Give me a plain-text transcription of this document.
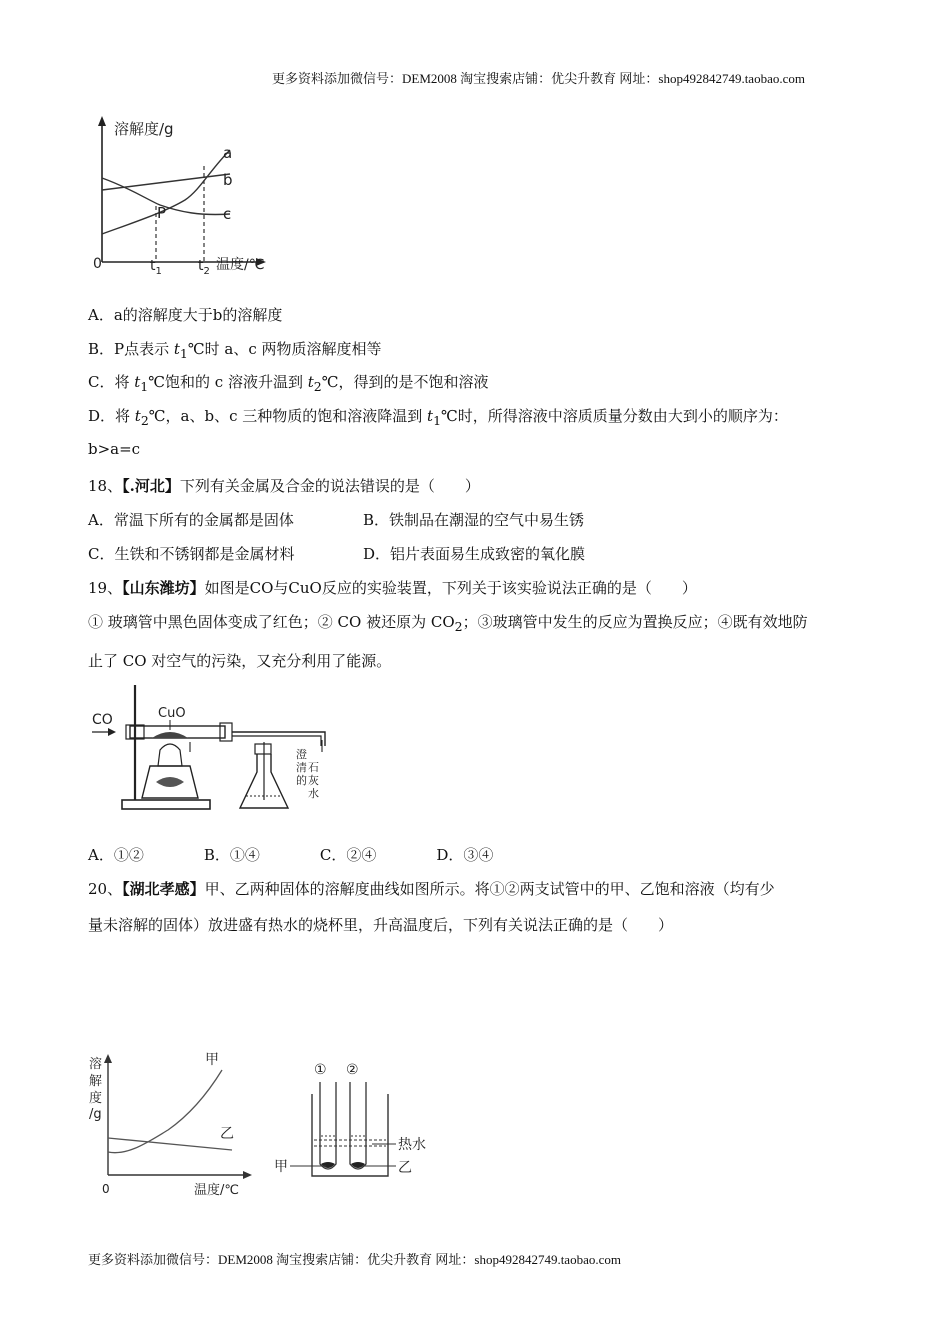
更多资料添加微信号：DEM2008 淘宝搜索店铺：优尖升教育 网址：shop492842749.taobao.com
溶解度/g
a
b
c
P
0	$t_1$	$t_2$ 温度/℃
A．a的溶解度大于b的溶解度
B．P点表示 $t_1℃$时 a、c 两物质溶解度相等
C．将 $t_1℃$饱和的 c 溶液升温到 $t_2℃$，得到的是不饱和溶液
D．将 $t_2℃$，a、b、c 三种物质的饱和溶液降温到 $t_1℃$时，所得溶液中溶质质量分数由大到小的顺序为：
b>a=c
18、【.河北】下列有关金属及合金的说法错误的是（　　）
A．常温下所有的金属都是固体	B．铁制品在潮湿的空气中易生锈
C．生铁和不锈钢都是金属材料	D．铝片表面易生成致密的氧化膜
19、【山东潍坊】如图是CO与CuO反应的实验装置，下列关于该实验说法正确的是（　　）
① 玻璃管中黑色固体变成了红色；② CO 被还原为 $CO_2$；③玻璃管中发生的反应为置换反应；④既有效地防
止了 CO 对空气的污染，又充分利用了能源。
CO	CuO
澄
清
的
石
灰
水
A．①②　　　　B．①④　　　　C．②④　　　　D．③④
20、【湖北孝感】甲、乙两种固体的溶解度曲线如图所示。将①②两支试管中的甲、乙饱和溶液（均有少
量未溶解的固体）放进盛有热水的烧杯里，升高温度后，下列有关说法正确的是（　　）
溶
解
度
/g
甲
乙
0	温度/℃
① ②
热水
甲	乙
更多资料添加微信号：DEM2008 淘宝搜索店铺：优尖升教育 网址：shop492842749.taobao.com
